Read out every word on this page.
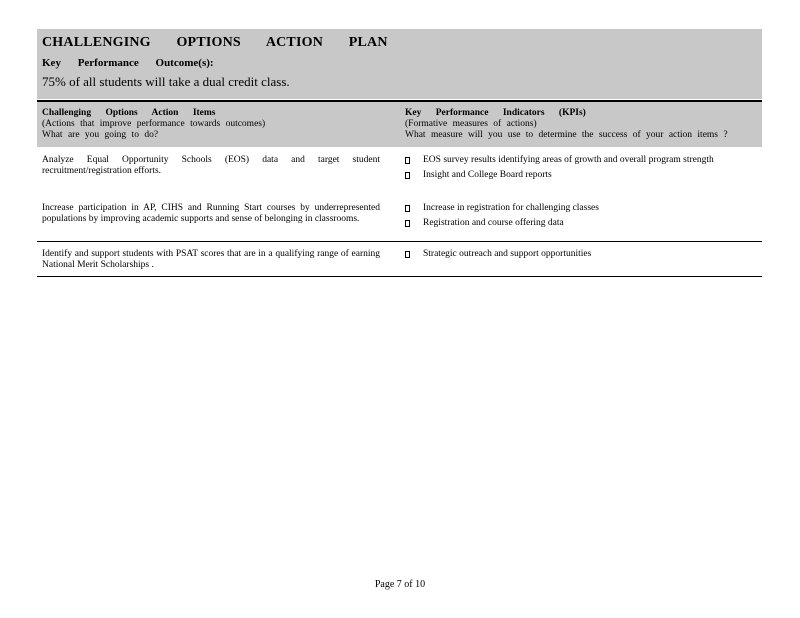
CHALLENGING OPTIONS ACTION PLAN
Key Performance Outcome(s):
75% of all students will take a dual credit class.
Challenging Options Action Items
(Actions that improve performance towards outcomes)
What are you going to do?
Key Performance Indicators (KPIs)
(Formative measures of actions)
What measure will you use to determine the success of your action items ?
Analyze Equal Opportunity Schools (EOS) data and target student recruitment/registration efforts.
EOS survey results identifying areas of growth and overall program strength
Insight and College Board reports
Increase participation in AP, CIHS and Running Start courses by underrepresented populations by improving academic supports and sense of belonging in classrooms.
Increase in registration for challenging classes
Registration and course offering data
Identify and support students with PSAT scores that are in a qualifying range of earning National Merit Scholarships .
Strategic outreach and support opportunities
Page 7 of 10
